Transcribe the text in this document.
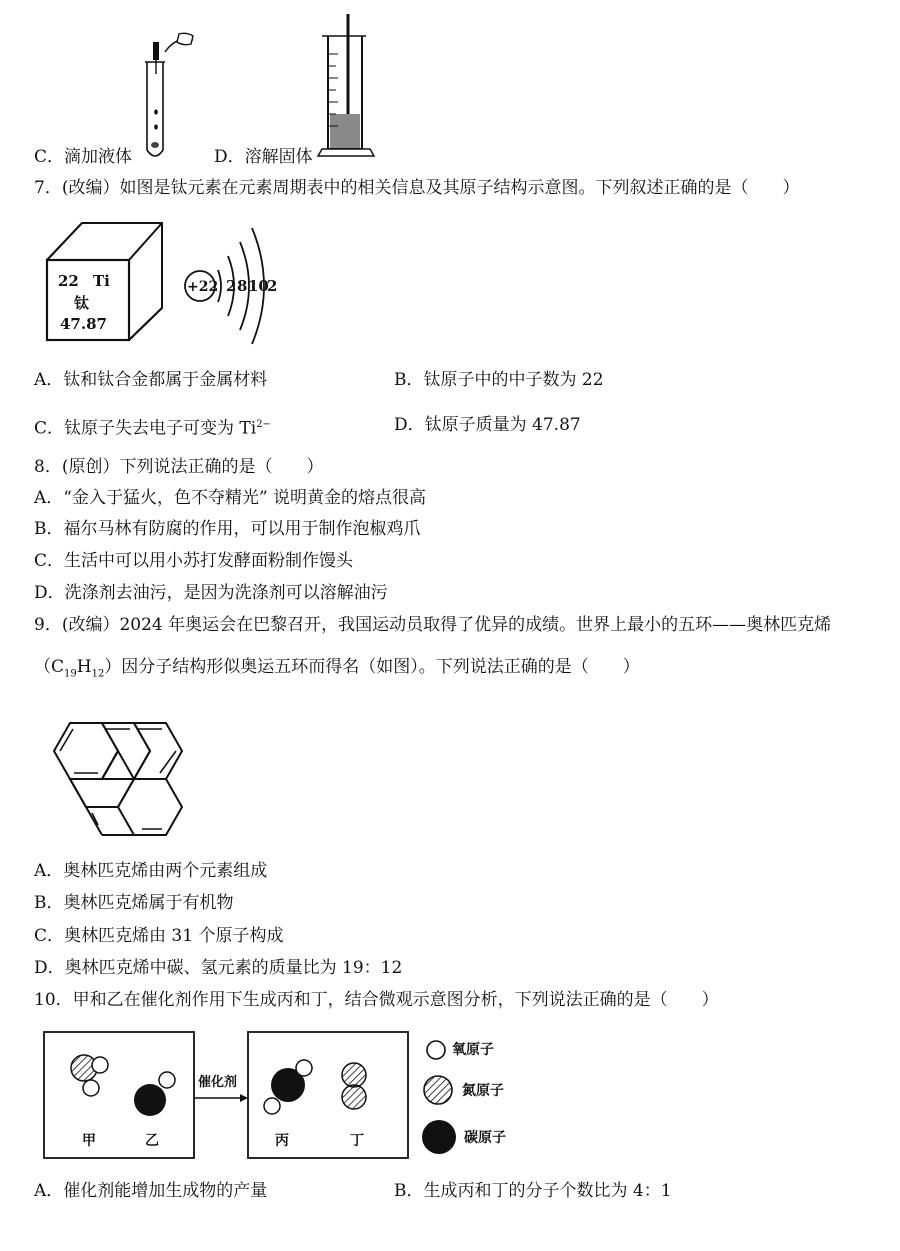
C．滴加液体	D．溶解固体
7．(改编）如图是钛元素在元素周期表中的相关信息及其原子结构示意图。下列叙述正确的是（　　）
22 Ti
钛
47.87
+22 2 8 10
2
A．钛和钛合金都属于金属材料	B．钛原子中的中子数为 22
C．钛原子失去电子可变为 $Ti^{2-}$	D．钛原子质量为 47.87
8．(原创）下列说法正确的是（　　）
A．“金入于猛火，色不夺精光” 说明黄金的熔点很高
B．福尔马林有防腐的作用，可以用于制作泡椒鸡爪
C．生活中可以用小苏打发酵面粉制作馒头
D．洗涤剂去油污，是因为洗涤剂可以溶解油污
9．(改编）2024 年奥运会在巴黎召开，我国运动员取得了优异的成绩。世界上最小的五环——奥林匹克烯
$(C_{19}H_{12})$因分子结构形似奥运五环而得名（如图）。下列说法正确的是（　　）
A．奥林匹克烯由两个元素组成
B．奥林匹克烯属于有机物
C．奥林匹克烯由 31 个原子构成
D．奥林匹克烯中碳、氢元素的质量比为 19：12
10．甲和乙在催化剂作用下生成丙和丁，结合微观示意图分析，下列说法正确的是（　　）
催化剂
甲	乙	丙	丁
氧原子
氮原子
碳原子
A．催化剂能增加生成物的产量	B．生成丙和丁的分子个数比为 4：1
